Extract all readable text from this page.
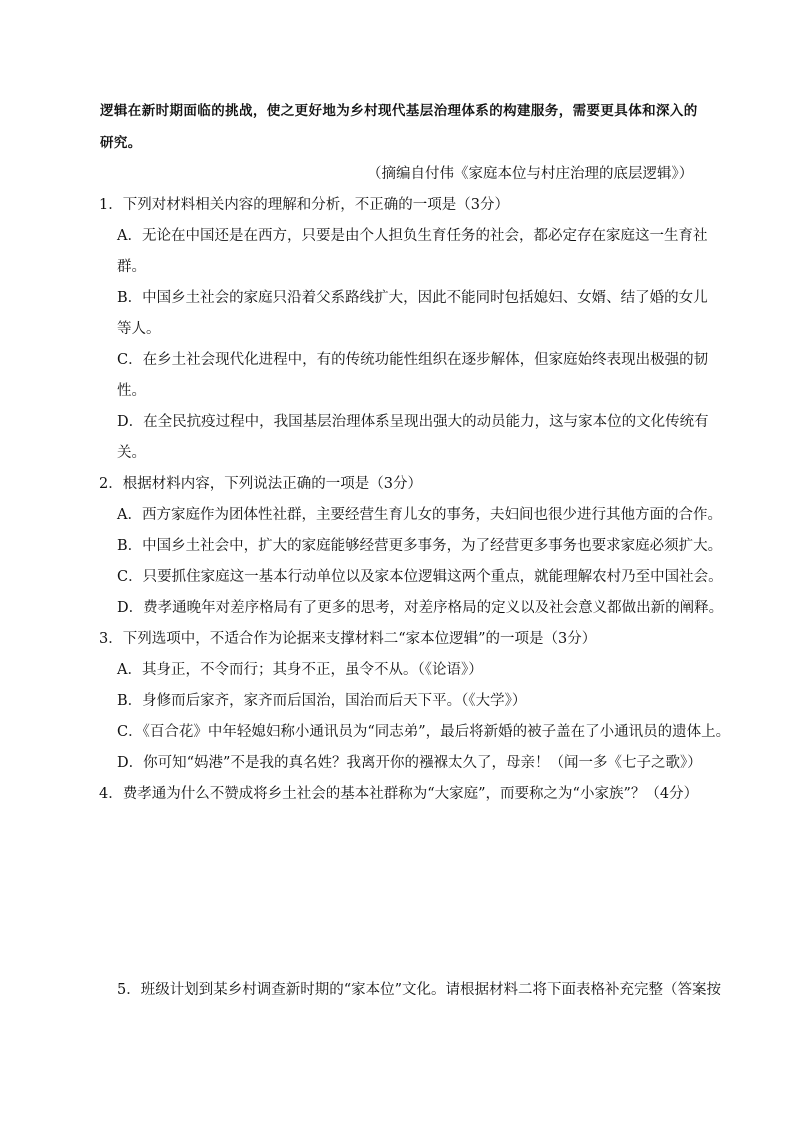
逻辑在新时期面临的挑战，使之更好地为乡村现代基层治理体系的构建服务，需要更具体和深入的
研究。
（摘编自付伟《家庭本位与村庄治理的底层逻辑》）
1．下列对材料相关内容的理解和分析，不正确的一项是（3分）
A．无论在中国还是在西方，只要是由个人担负生育任务的社会，都必定存在家庭这一生育社
群。
B．中国乡土社会的家庭只沿着父系路线扩大，因此不能同时包括媳妇、女婿、结了婚的女儿
等人。
C．在乡土社会现代化进程中，有的传统功能性组织在逐步解体，但家庭始终表现出极强的韧
性。
D．在全民抗疫过程中，我国基层治理体系呈现出强大的动员能力，这与家本位的文化传统有
关。
2．根据材料内容，下列说法正确的一项是（3分）
A．西方家庭作为团体性社群，主要经营生育儿女的事务，夫妇间也很少进行其他方面的合作。
B．中国乡土社会中，扩大的家庭能够经营更多事务，为了经营更多事务也要求家庭必须扩大。
C．只要抓住家庭这一基本行动单位以及家本位逻辑这两个重点，就能理解农村乃至中国社会。
D．费孝通晚年对差序格局有了更多的思考，对差序格局的定义以及社会意义都做出新的阐释。
3．下列选项中，不适合作为论据来支撑材料二“家本位逻辑”的一项是（3分）
A．其身正，不令而行；其身不正，虽令不从。（《论语》）
B．身修而后家齐，家齐而后国治，国治而后天下平。（《大学》）
C．《百合花》中年轻媳妇称小通讯员为“同志弟”，最后将新婚的被子盖在了小通讯员的遗体上。
D．你可知“妈港”不是我的真名姓？我离开你的襁褓太久了，母亲！（闻一多《七子之歌》）
4．费孝通为什么不赞成将乡土社会的基本社群称为“大家庭”，而要称之为“小家族”？（4分）
5．班级计划到某乡村调查新时期的“家本位”文化。请根据材料二将下面表格补充完整（答案按
